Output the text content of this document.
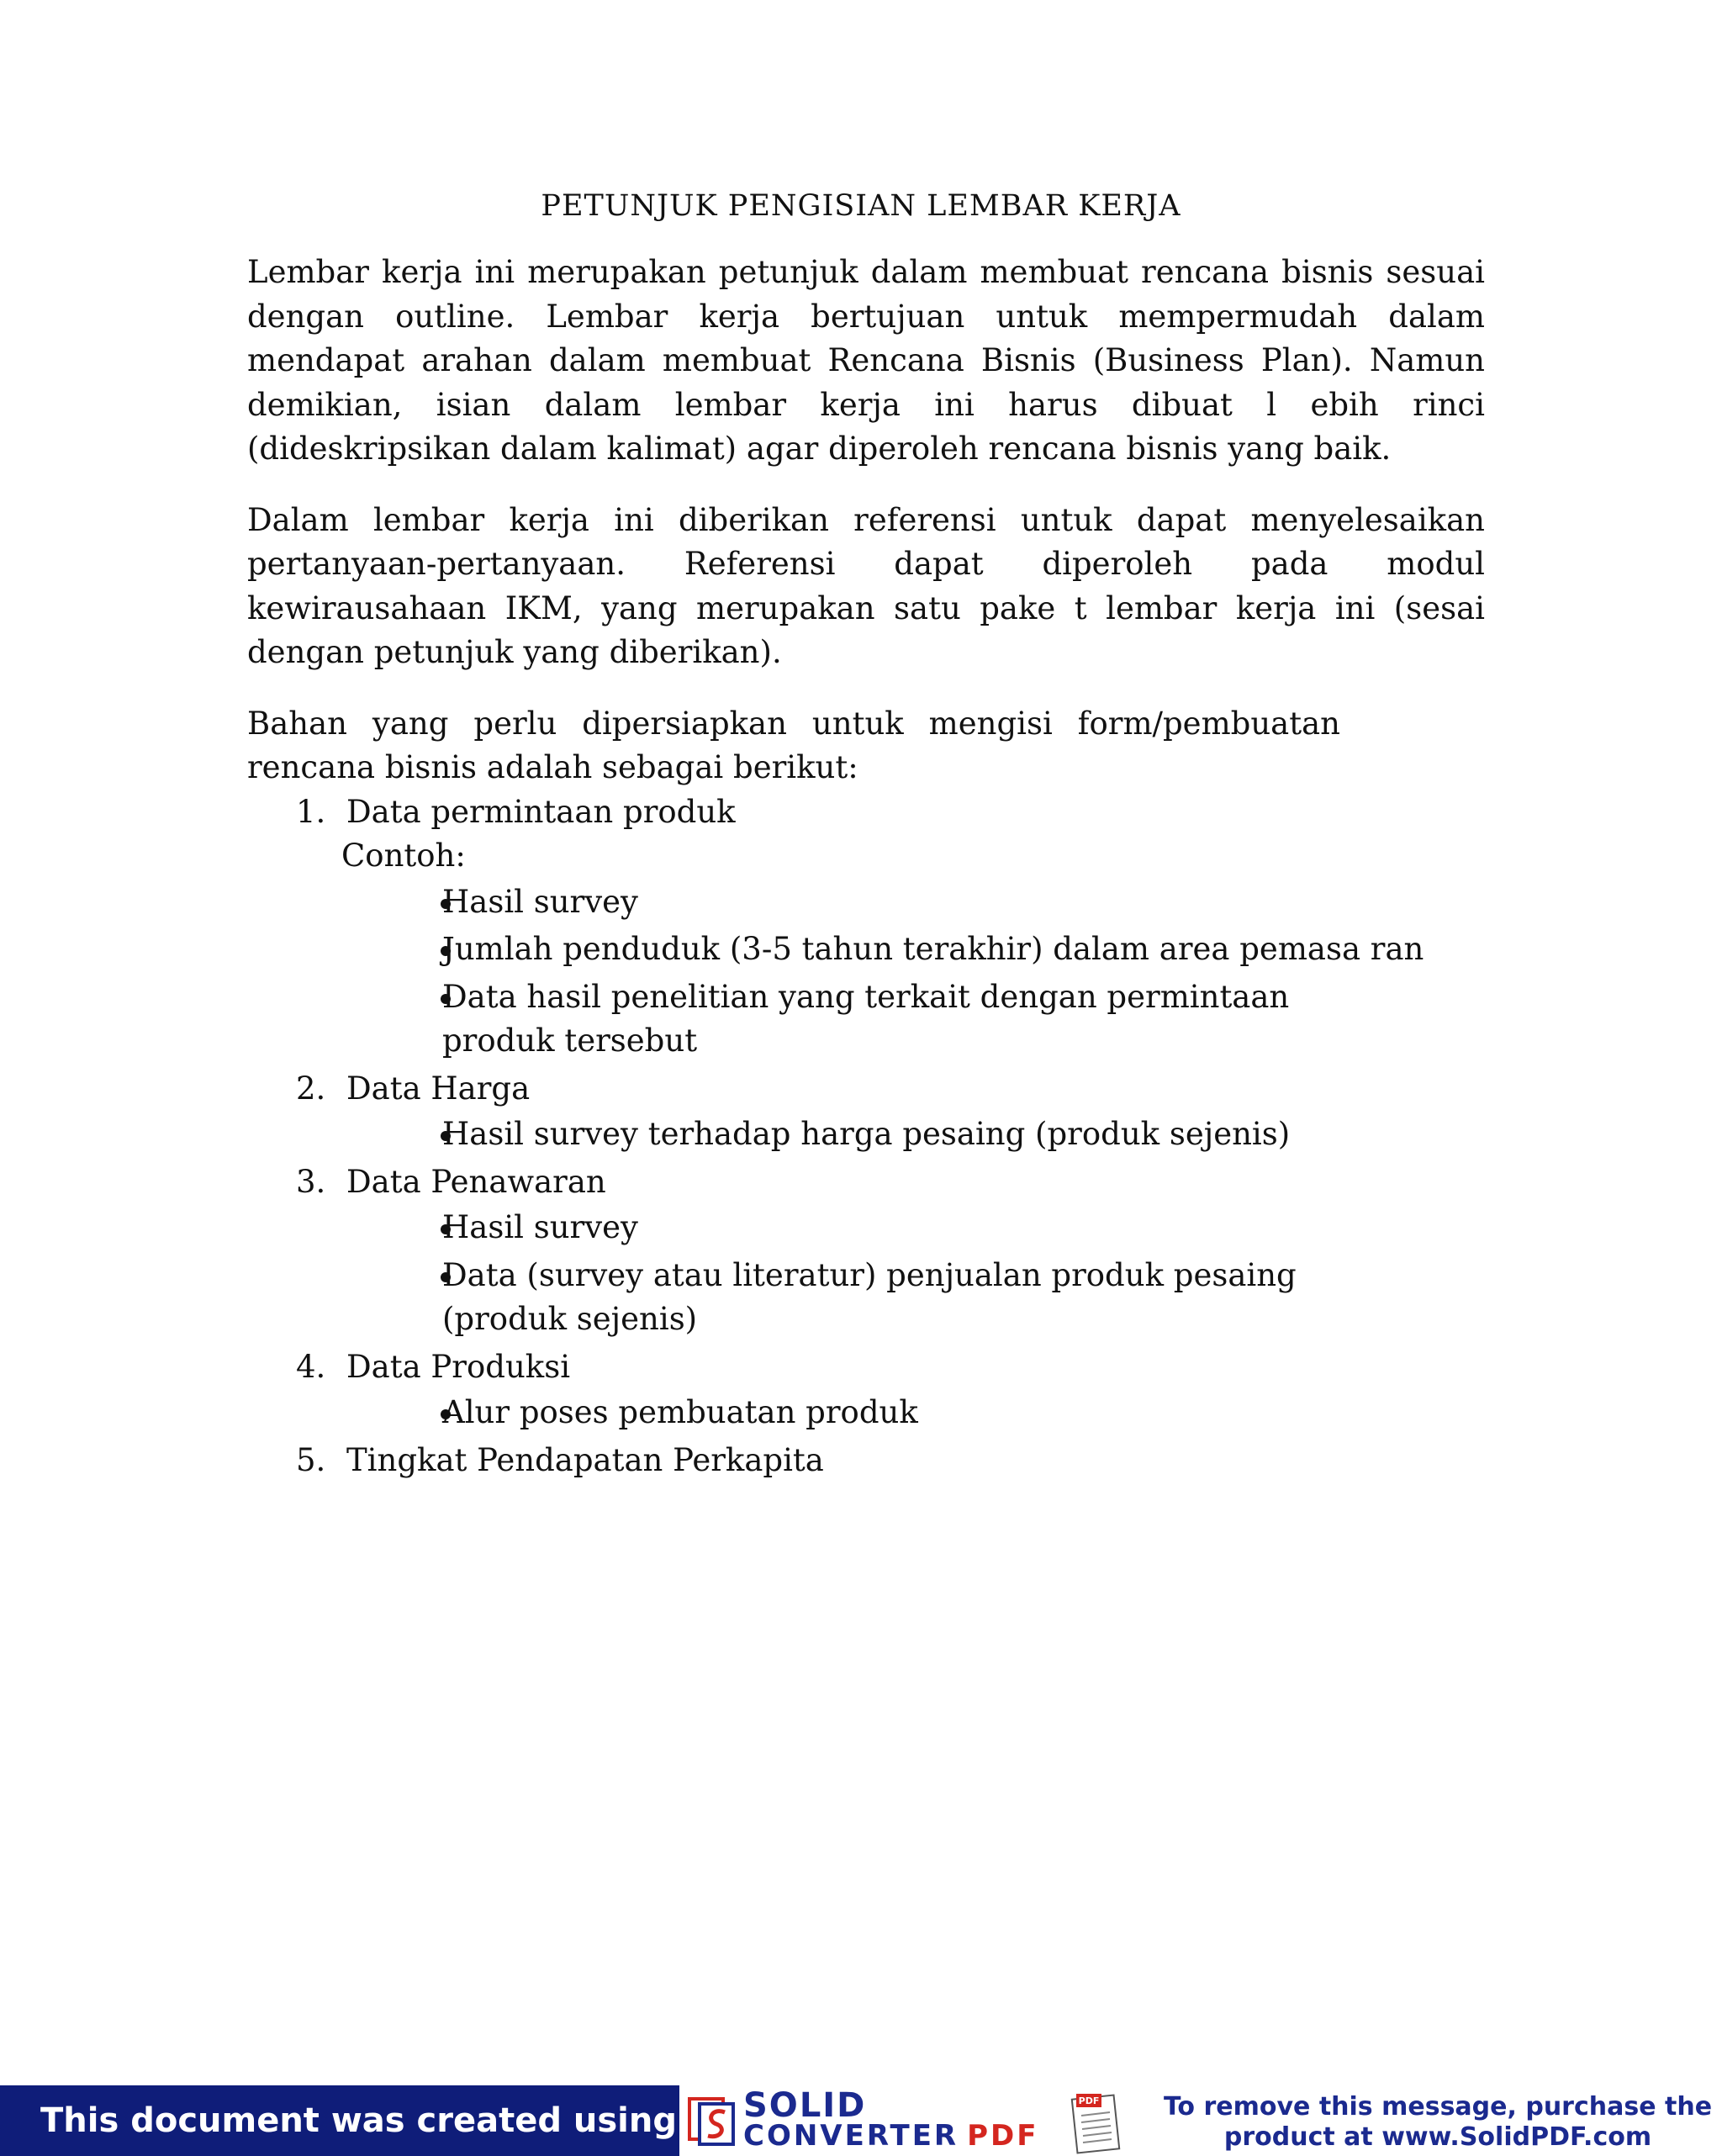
PETUNJUK PENGISIAN LEMBAR KERJA

Lembar kerja ini merupakan petunjuk dalam membuat rencana bisnis sesuai dengan outline. Lembar kerja bertujuan untuk mempermudah dalam mendapat arahan dalam membuat Rencana Bisnis (Business Plan). Namun demikian, isian dalam lembar kerja ini harus dibuat l ebih rinci (dideskripsikan dalam kalimat) agar diperoleh rencana bisnis yang baik.

Dalam lembar kerja ini diberikan referensi untuk dapat menyelesaikan pertanyaan-pertanyaan. Referensi dapat diperoleh pada modul kewirausahaan IKM, yang merupakan satu pake t lembar kerja ini (sesai dengan petunjuk yang diberikan).

Bahan yang perlu dipersiapkan untuk mengisi form/pembuatan rencana bisnis adalah sebagai berikut:

1. Data permintaan produk
Contoh:
Hasil survey
Jumlah penduduk (3-5 tahun terakhir) dalam area pemasa ran
Data hasil penelitian yang terkait dengan permintaan produk tersebut
2. Data Harga
Hasil survey terhadap harga pesaing (produk sejenis)
3. Data Penawaran
Hasil survey
Data (survey atau literatur) penjualan produk pesaing (produk sejenis)
4. Data Produksi
Alur poses pembuatan produk
5. Tingkat Pendapatan Perkapita
This document was created using SOLID
CONVERTER PDF
PDF	To remove this message, purchase the
product at www.SolidPDF.com
